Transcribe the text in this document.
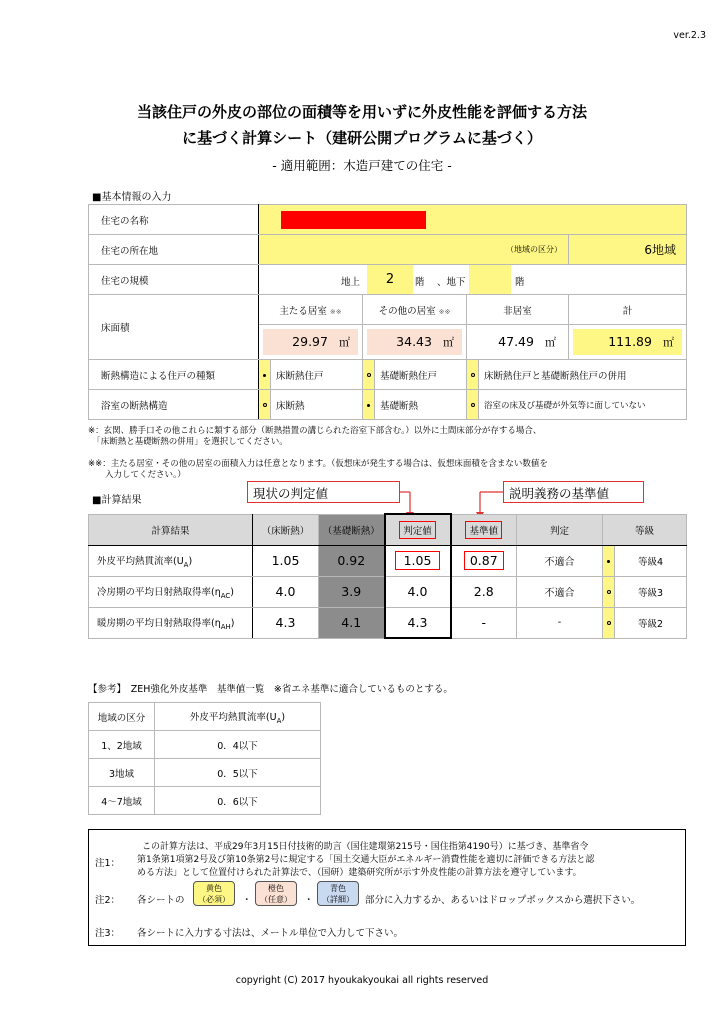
ver.2.3
当該住戸の外皮の部位の面積等を用いずに外皮性能を評価する方法
に基づく計算シート（建研公開プログラムに基づく）
- 適用範囲：木造戸建ての住宅 -
■基本情報の入力
住宅の名称							

住宅の所在地	（地域の区分）						6地域
住宅の規模	地上 2 階 、地下 階						

床面積	主たる居室 ※※		その他の居室 ※※		非居室		計

	29.97 ㎡		34.43 ㎡		47.49 ㎡		111.89 ㎡

断熱構造による住戸の種類		床断熱住戸		基礎断熱住戸		床断熱住戸と基礎断熱住戸の併用	
浴室の断熱構造		床断熱		基礎断熱		浴室の床及び基礎が外気等に面していない	
※：玄関、勝手口その他これらに類する部分（断熱措置の講じられた浴室下部含む。）以外に土間床部分が存する場合、
　「床断熱と基礎断熱の併用」を選択してください。
※※：主たる居室・その他の居室の面積入力は任意となります。（仮想床が発生する場合は、仮想床面積を含まない数値を
　　入力してください。）
■計算結果	現状の判定値	説明義務の基準値
計算結果	（床断熱）	（基礎断熱）	判定値	基準値	判定	等級	
外皮平均熱貫流率$(U_A)$	1.05	0.92	1.05	0.87	不適合		等級4
冷房期の平均日射熱取得率$(\eta_{AC})$	4.0	3.9	4.0	2.8	不適合		等級3
暖房期の平均日射熱取得率$(\eta_{AH})$	4.3	4.1	4.3	-	-		等級2
【参考】　ZEH強化外皮基準　基準値一覧　※省エネ基準に適合しているものとする。
地域の区分	外皮平均熱貫流率$(U_A)$
1、2地域	0．4以下
3地域	0．5以下
4～7地域	0．6以下
注1：
この計算方法は、平成29年3月15日付技術的助言（国住建環第215号・国住指第4190号）に基づき、基準省令
第1条第1項第2号及び第10条第2号に規定する「国土交通大臣がエネルギー消費性能を適切に評価できる方法と認
める方法」として位置付けられた計算法で、（国研）建築研究所が示す外皮性能の計算方法を遵守しています。
注2： 各シートの
黄色
（必須）	・
橙色
（任意）	・
青色
（詳細）	部分に入力するか、あるいはドロップボックスから選択下さい。
注3： 各シートに入力する寸法は、メートル単位で入力して下さい。
copyright (C) 2017 hyoukakyoukai all rights reserved
